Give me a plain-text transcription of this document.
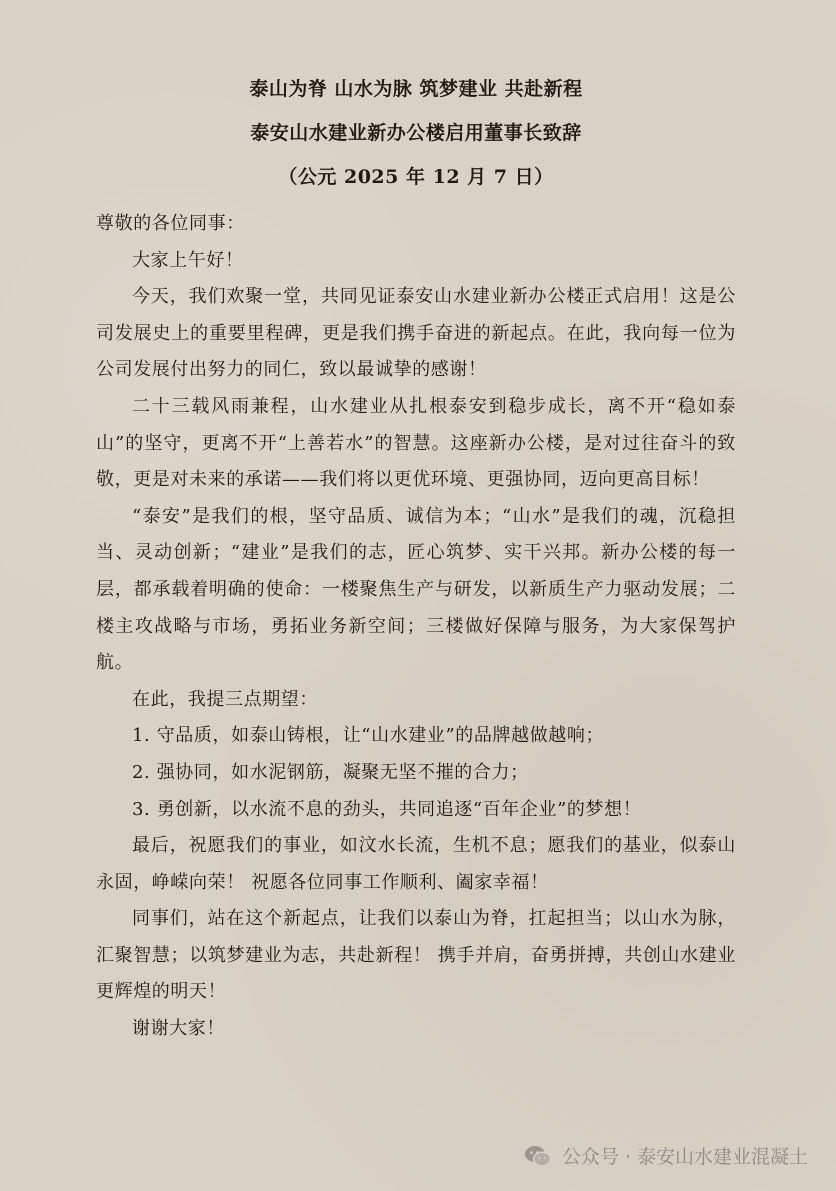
泰山为脊 山水为脉 筑梦建业 共赴新程
泰安山水建业新办公楼启用董事长致辞
（公元 2025 年 12 月 7 日）

尊敬的各位同事：

大家上午好！

今天，我们欢聚一堂，共同见证泰安山水建业新办公楼正式启用！这是公司发展史上的重要里程碑，更是我们携手奋进的新起点。在此，我向每一位为公司发展付出努力的同仁，致以最诚挚的感谢！

二十三载风雨兼程，山水建业从扎根泰安到稳步成长，离不开“稳如泰山”的坚守，更离不开“上善若水”的智慧。这座新办公楼，是对过往奋斗的致敬，更是对未来的承诺——我们将以更优环境、更强协同，迈向更高目标！

“泰安”是我们的根，坚守品质、诚信为本；“山水”是我们的魂，沉稳担当、灵动创新；“建业”是我们的志，匠心筑梦、实干兴邦。新办公楼的每一层，都承载着明确的使命：一楼聚焦生产与研发，以新质生产力驱动发展；二楼主攻战略与市场，勇拓业务新空间；三楼做好保障与服务，为大家保驾护航。

在此，我提三点期望：

1. 守品质，如泰山铸根，让“山水建业”的品牌越做越响；

2. 强协同，如水泥钢筋，凝聚无坚不摧的合力；

3. 勇创新，以水流不息的劲头，共同追逐“百年企业”的梦想！

最后，祝愿我们的事业，如汶水长流，生机不息；愿我们的基业，似泰山永固，峥嵘向荣！ 祝愿各位同事工作顺利、阖家幸福！

同事们，站在这个新起点，让我们以泰山为脊，扛起担当；以山水为脉，汇聚智慧；以筑梦建业为志，共赴新程！ 携手并肩，奋勇拼搏，共创山水建业更辉煌的明天！

谢谢大家！

公众号 · 泰安山水建业混凝土
